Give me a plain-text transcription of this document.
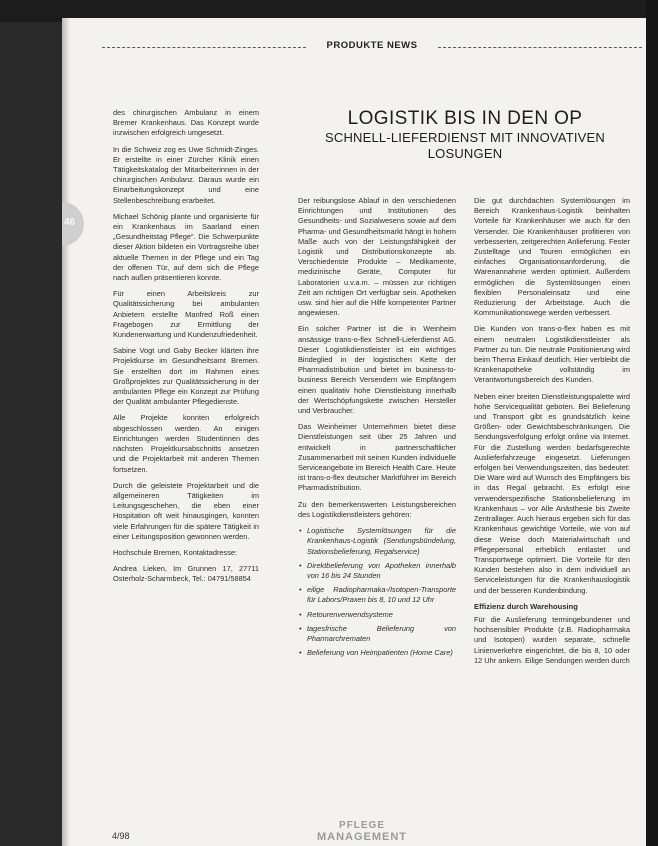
PRODUKTE NEWS
46
LOGISTIK BIS IN DEN OP
SCHNELL-LIEFERDIENST MIT INNOVATIVEN LOSUNGEN

des chirurgischen Ambulanz in einem Bremer Krankenhaus. Das Konzept wurde inzwischen erfolgreich umgesetzt.

In die Schweiz zog es Uwe Schmidt-Zinges. Er erstellte in einer Zürcher Klinik einen Tätigkeitskatalog der Mitarbeiterinnen in der chirurgischen Ambulanz. Daraus wurde ein Einarbeitungskonzept und eine Stellenbeschreibung erarbeitet.

Michael Schönig plante und organisierte für ein Krankenhaus im Saarland einen „Gesundheitstag Pflege“. Die Schwerpunkte dieser Aktion bildeten ein Vortragsreihe über aktuelle Themen in der Pflege und ein Tag der offenen Tür, auf dem sich die Pflege nach außen präsentieren konnte.

Für einen Arbeitskreis zur Qualitätssicherung bei ambulanten Anbietern erstellte Manfred Roß einen Fragebogen zur Ermittlung der Kundenerwartung und Kundenzufriedenheit.

Sabine Vogt und Gaby Becker klärten ihre Projektkurse im Gesundheitsamt Bremen. Sie erstellten dort im Rahmen eines Großprojektes zur Qualitätssicherung in der ambulanten Pflege ein Konzept zur Prüfung der Qualität ambulanter Pflegedienste.

Alle Projekte konnten erfolgreich abgeschlossen werden. An einigen Einrichtungen werden Studentinnen des nächsten Projektkursabschnitts ansetzen und die Projektarbeit mit anderen Themen fortsetzen.

Durch die geleistete Projektarbeit und die allgemeineren Tätigkeiten im Leitungsgeschehen, die eben einer Hospitation oft weit hinausgingen, konnten viele Erfahrungen für die spätere Tätigkeit in einer Leitungsposition gewonnen werden.

Hochschule Bremen, Kontaktadresse:

Andrea Lieken, Im Grunnen 17, 27711 Osterholz-Scharmbeck, Tel.: 04791/58854

Der reibungslose Ablauf in den verschiedenen Einrichtungen und Institutionen des Gesundheits- und Sozialwesens sowie auf dem Pharma- und Gesundheitsmarkt hängt in hohem Maße auch von der Leistungsfähigkeit der Logistik und Distributionskonzepte ab. Verschiedenste Produkte – Medikamente, medizinische Geräte, Computer für Laboratorien u.v.a.m. – müssen zur richtigen Zeit am richtigen Ort verfügbar sein. Apotheken usw. sind hier auf die Hilfe kompetenter Partner angewiesen.

Ein solcher Partner ist die in Weinheim ansässige trans-o-flex Schnell-Lieferdienst AG. Dieser Logistikdienstleister ist ein wichtiges Bindeglied in der logistischen Kette der Pharmadistribution und bietet im business-to-business Bereich Versendern wie Empfängern einen qualitativ hohe Dienstleistung innerhalb der Wertschöpfungskette zwischen Hersteller und Verbraucher.

Das Weinheimer Unternehmen bietet diese Dienstleistungen seit über 25 Jahren und entwickelt in partnerschaftlicher Zusammenarbeit mit seinen Kunden individuelle Serviceangebote im Bereich Health Care. Heute ist trans-o-flex deutscher Marktführer im Bereich Pharmadistribution.

Zu den bemerkenswerten Leistungsbereichen des Logistikdienstleisters gehören:

• Logistische Systemlösungen für die Krankenhaus-Logistik (Sendungsbündelung, Stationsbelieferung, Regalservice)
• Direktbelieferung von Apotheken innerhalb von 16 bis 24 Stunden
• eilige Radiopharmaka-/Isotopen-Transporte für Labors/Praxen bis 8, 10 und 12 Uhr
• Retourenverwendsysteme
• tagesfrische Belieferung von Pharmarchrematen
• Belieferung von Heimpatienten (Home Care)

Die gut durchdachten Systemlösungen im Bereich Krankenhaus-Logistik beinhalten Vorteile für Krankenhäuser wie auch für den Versender. Die Krankenhäuser profitieren von verbesserten, zeitgerechten Anlieferung. Fester Zustelltage und Touren ermöglichen ein einfaches Organisationsanforderung, die Warenannahme werden optimiert. Außerdem ermöglichen die Systemlösungen einen flexiblen Personaleinsatz und eine Reduzierung der Arbeitstage. Auch die Kommunikationswege werden verbessert.

Die Kunden von trans-o-flex haben es mit einem neutralen Logistikdienstleister als Partner zu tun. Die neutrale Positionierung wird beim Thema Einkauf deutlich. Hier verbleibt die Krankenapotheke vollständig im Verantwortungsbereich des Kunden.

Neben einer breiten Dienstleistungspalette wird hohe Servicequalität geboten. Bei Belieferung und Transport gibt es grundsätzlich keine Größen- oder Gewichtsbeschränkungen. Die Sendungsverfolgung erfolgt online via Internet. Für die Zustellung werden bedarfsgerechte Auslieferfahrzeuge eingesetzt. Lieferungen erfolgen bei Verwendungszeiten, das bedeutet: Die Ware wird auf Wunsch des Empfängers bis in das Regal gebracht. Es erfolgt eine verwenderspezifische Stationsbelieferung im Krankenhaus – vor Alle Anästhesie bis Zweite Zentrallager. Auch hieraus ergeben sich für das Krankenhaus gewichtige Vorteile, wie von auf diese Weise doch Materialwirtschaft und Pflegepersonal erheblich entlastet und Transportwege optimiert. Die Vorteile für den Kunden bestehen also in dem individuell an Serviceleistungen für die Krankenhauslogistik und der besseren Kundenbindung.

Effizienz durch Warehousing

Für die Auslieferung termingebundener und hochsensibler Produkte (z.B. Radiopharmaka und Isotopen) wurden separate, schnelle Linienverkehre eingerichtet, die bis 8, 10 oder 12 Uhr ankern. Eilige Sendungen werden durch

4/98
PFLEGE
MANAGEMENT
